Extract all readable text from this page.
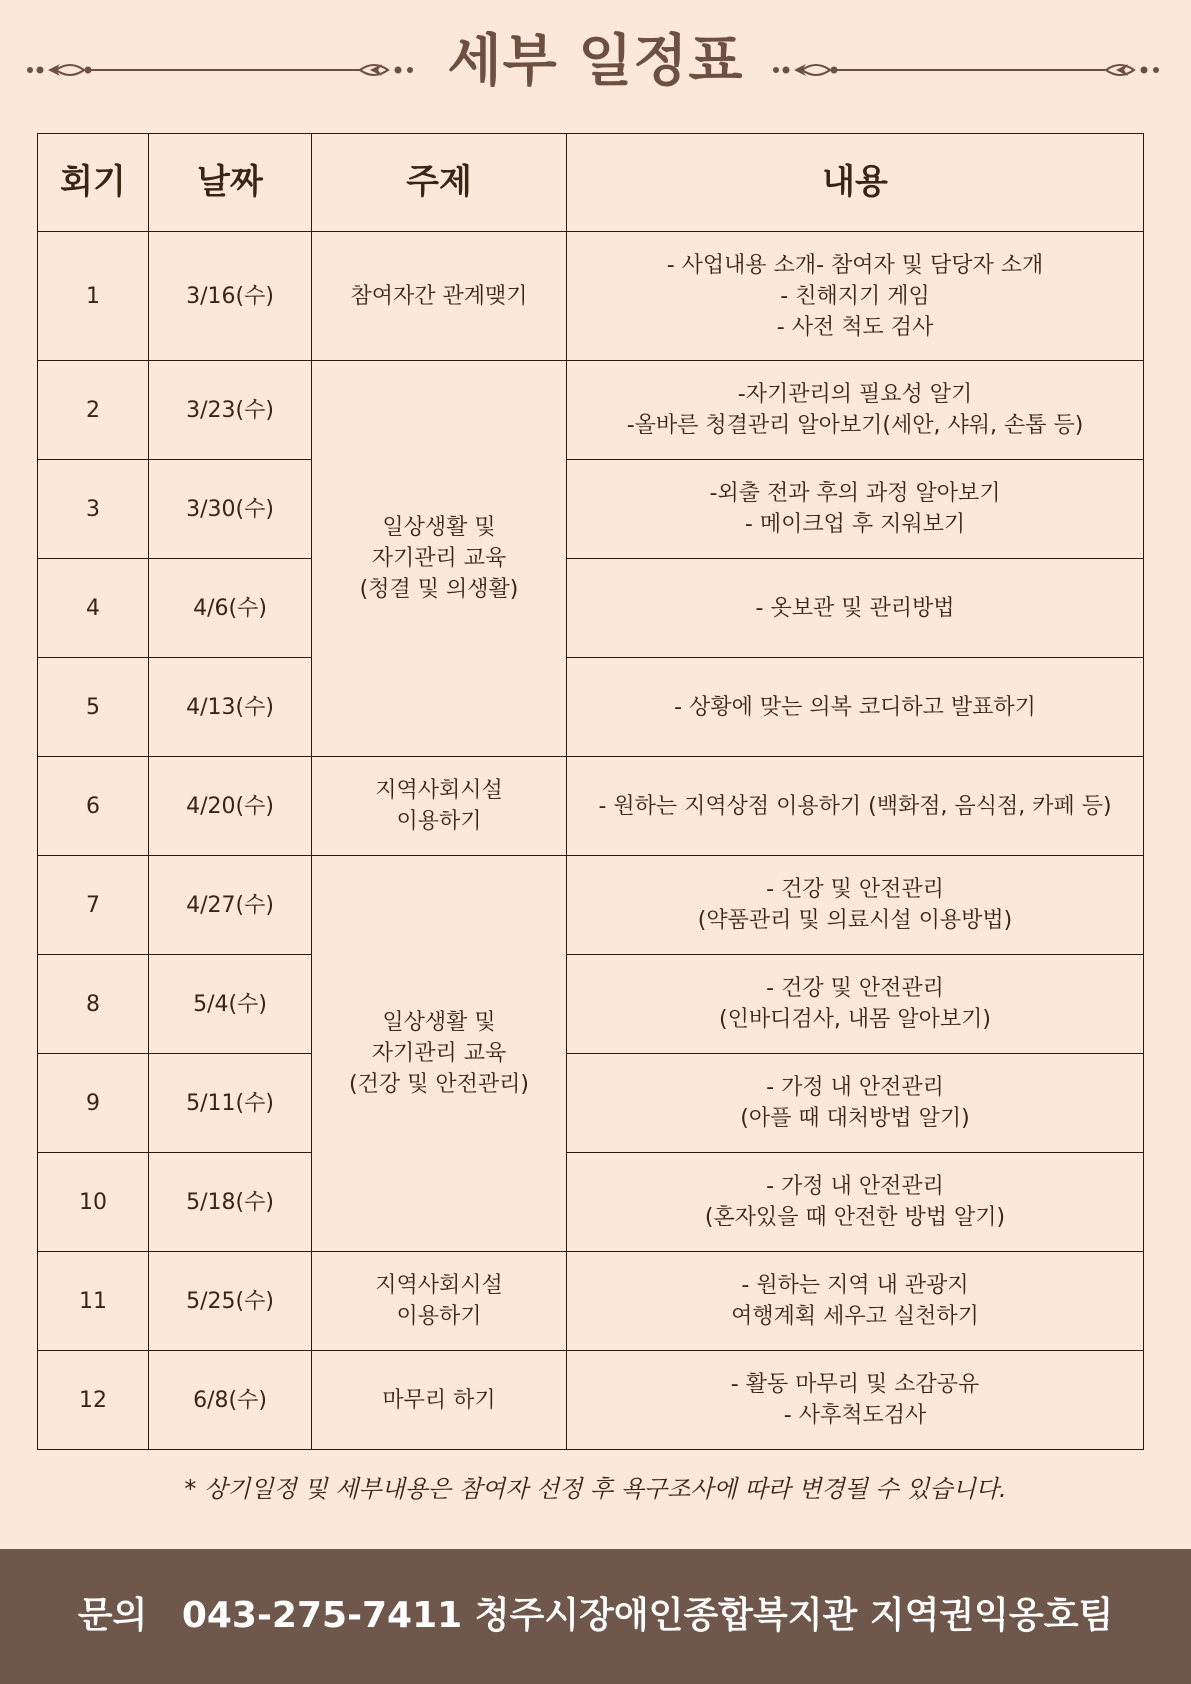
세부 일정표
회기	날짜	주제	내용
1	3/16(수)	참여자간 관계맺기	- 사업내용 소개- 참여자 및 담당자 소개
- 친해지기 게임
- 사전 척도 검사
2	3/23(수)	일상생활 및
자기관리 교육
(청결 및 의생활)	-자기관리의 필요성 알기
-올바른 청결관리 알아보기(세안, 샤워, 손톱 등)
3	3/30(수)		-외출 전과 후의 과정 알아보기
- 메이크업 후 지워보기
4	4/6(수)		- 옷보관 및 관리방법
5	4/13(수)		- 상황에 맞는 의복 코디하고 발표하기
6	4/20(수)	지역사회시설
이용하기	- 원하는 지역상점 이용하기 (백화점, 음식점, 카페 등)
7	4/27(수)	일상생활 및
자기관리 교육
(건강 및 안전관리)	- 건강 및 안전관리
(약품관리 및 의료시설 이용방법)
8	5/4(수)		- 건강 및 안전관리
(인바디검사, 내몸 알아보기)
9	5/11(수)		- 가정 내 안전관리
(아플 때 대처방법 알기)
10	5/18(수)		- 가정 내 안전관리
(혼자있을 때 안전한 방법 알기)
11	5/25(수)	지역사회시설
이용하기	- 원하는 지역 내 관광지
여행계획 세우고 실천하기
12	6/8(수)	마무리 하기	- 활동 마무리 및 소감공유
- 사후척도검사
* 상기일정 및 세부내용은 참여자 선정 후 욕구조사에 따라 변경될 수 있습니다.
문의 043-275-7411 청주시장애인종합복지관 지역권익옹호팀
